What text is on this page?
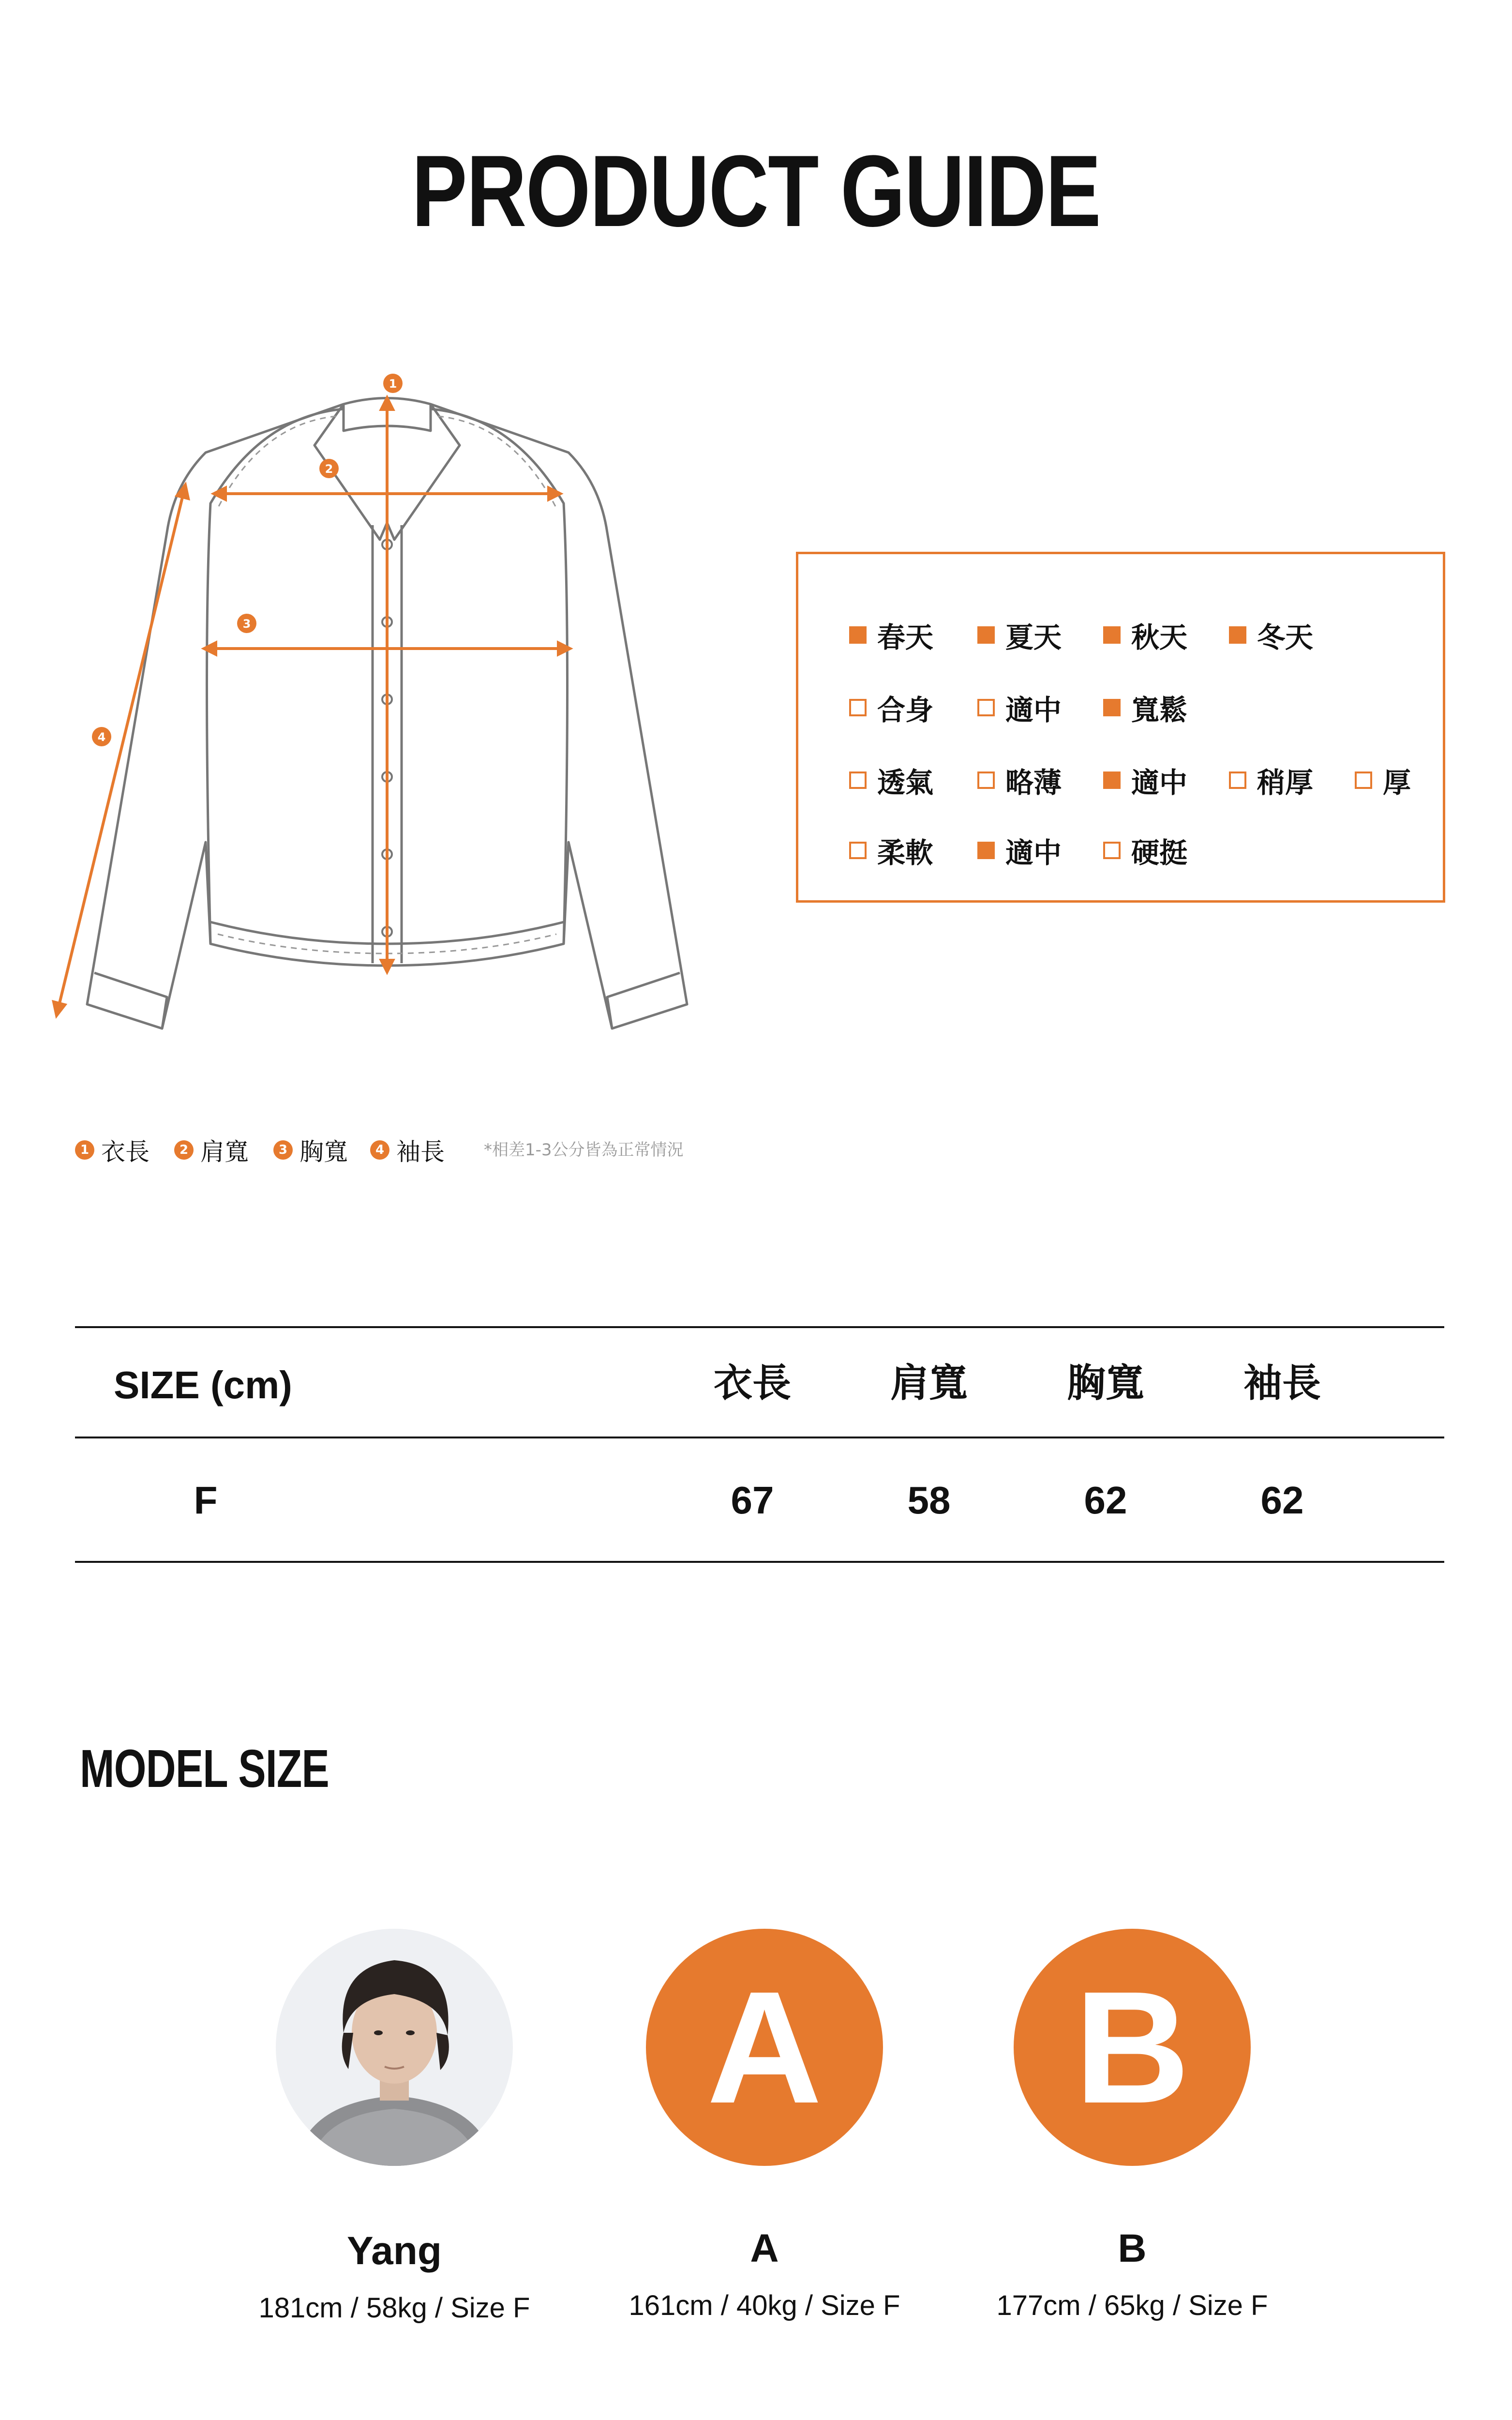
PRODUCT GUIDE
1
2
3
4
春天	夏天 秋天 冬天
合身	適中 寬鬆
透氣	略薄 適中 稍厚 厚
柔軟	適中 硬挺
1 衣長	2 肩寬	3 胸寬	4 袖長 *相差1-3公分皆為正常情況
SIZE (cm)	衣長	肩寬	胸寬	袖長
F	67	58	62	62
MODEL SIZE
A	B
Yang	A	B
181cm / 58kg / Size F	161cm / 40kg / Size F	177cm / 65kg / Size F
